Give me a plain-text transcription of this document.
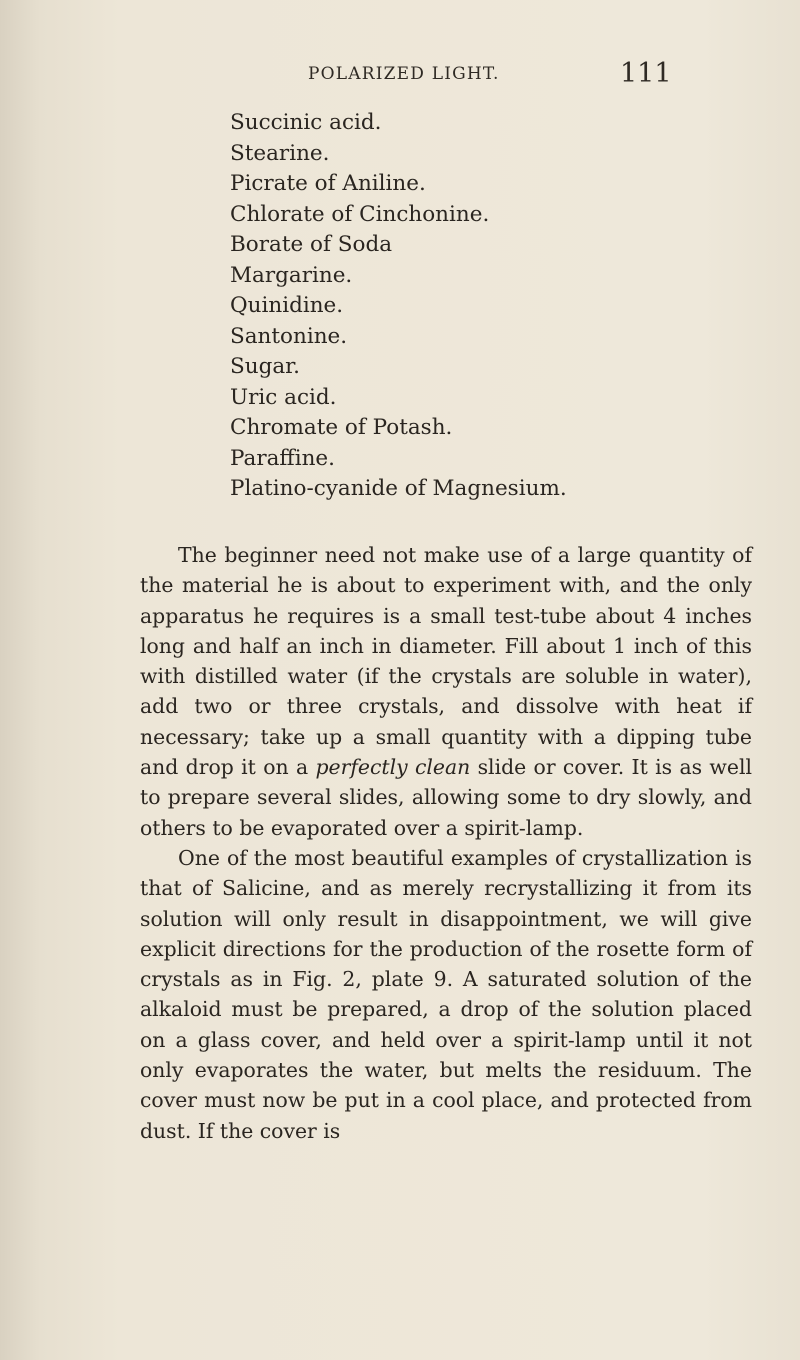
POLARIZED LIGHT.	111
Succinic acid.
Stearine.
Picrate of Aniline.
Chlorate of Cinchonine.
Borate of Soda
Margarine.
Quinidine.
Santonine.
Sugar.
Uric acid.
Chromate of Potash.
Paraffine.
Platino-cyanide of Magnesium.

The beginner need not make use of a large quantity of the material he is about to experiment with, and the only apparatus he requires is a small test-tube about 4 inches long and half an inch in diameter. Fill about 1 inch of this with distilled water (if the crystals are soluble in water), add two or three crystals, and dissolve with heat if necessary; take up a small quantity with a dipping tube and drop it on a perfectly clean slide or cover. It is as well to prepare several slides, allowing some to dry slowly, and others to be evaporated over a spirit-lamp.

One of the most beautiful examples of crystallization is that of Salicine, and as merely recrystallizing it from its solution will only result in disappointment, we will give explicit directions for the production of the rosette form of crystals as in Fig. 2, plate 9. A saturated solution of the alkaloid must be prepared, a drop of the solution placed on a glass cover, and held over a spirit-lamp until it not only evaporates the water, but melts the residuum. The cover must now be put in a cool place, and protected from dust. If the cover is
